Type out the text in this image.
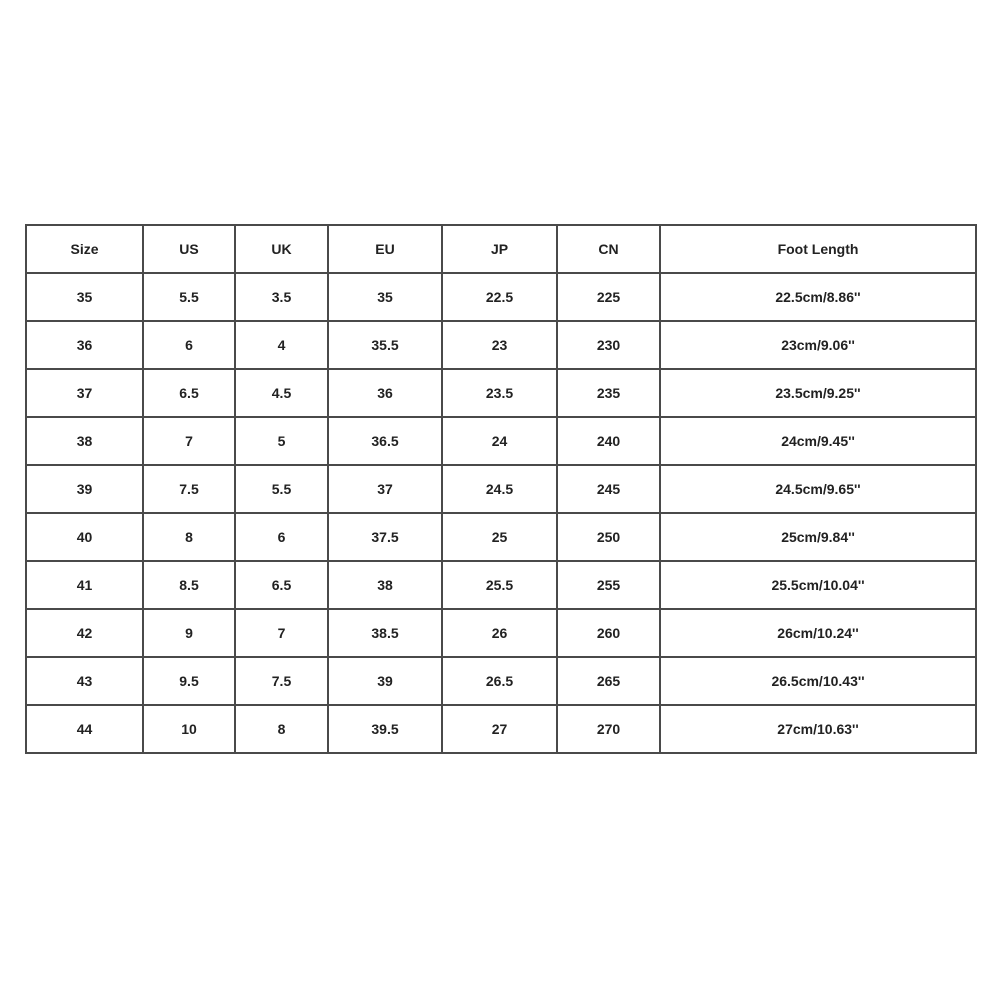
Size	US	UK	EU	JP	CN	Foot Length
35	5.5	3.5	35	22.5	225	22.5cm/8.86''
36	6	4	35.5	23	230	23cm/9.06''
37	6.5	4.5	36	23.5	235	23.5cm/9.25''
38	7	5	36.5	24	240	24cm/9.45''
39	7.5	5.5	37	24.5	245	24.5cm/9.65''
40	8	6	37.5	25	250	25cm/9.84''
41	8.5	6.5	38	25.5	255	25.5cm/10.04''
42	9	7	38.5	26	260	26cm/10.24''
43	9.5	7.5	39	26.5	265	26.5cm/10.43''
44	10	8	39.5	27	270	27cm/10.63''
